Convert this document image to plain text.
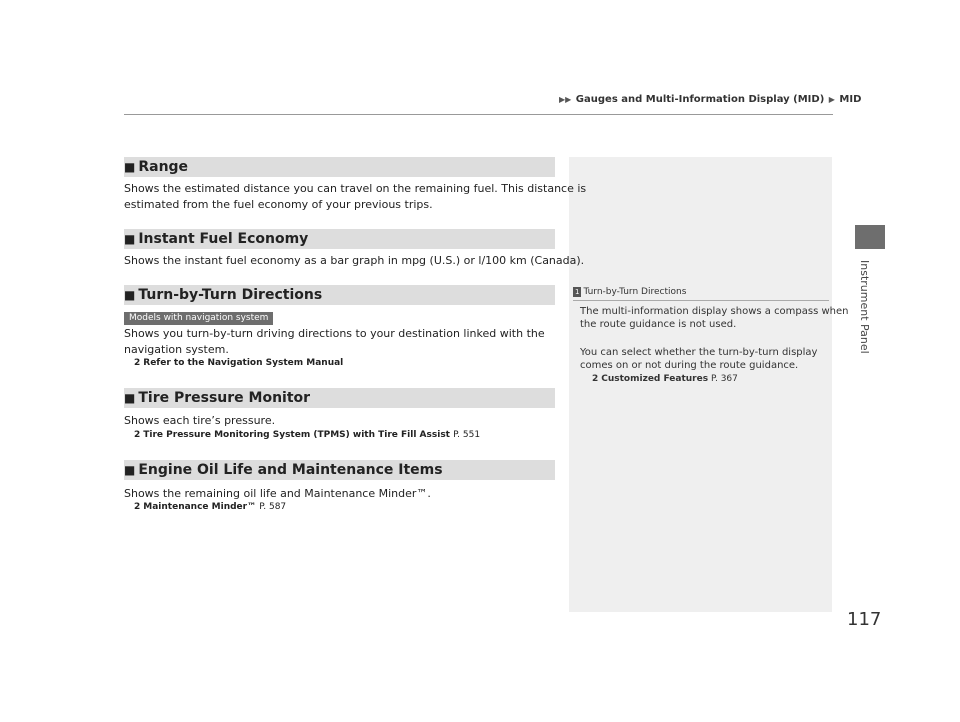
▶▶ Gauges and Multi-Information Display (MID) ▶ MID
Instrument Panel
1 Turn-by-Turn Directions
The multi-information display shows a compass when
the route guidance is not used.
You can select whether the turn-by-turn display
comes on or not during the route guidance.
2 Customized Features P. 367
■ Range
Shows the estimated distance you can travel on the remaining fuel. This distance is
estimated from the fuel economy of your previous trips.
■ Instant Fuel Economy
Shows the instant fuel economy as a bar graph in mpg (U.S.) or l/100 km (Canada).
■ Turn-by-Turn Directions
Models with navigation system
Shows you turn-by-turn driving directions to your destination linked with the
navigation system.
2 Refer to the Navigation System Manual
■ Tire Pressure Monitor
Shows each tire’s pressure.
2 Tire Pressure Monitoring System (TPMS) with Tire Fill Assist P. 551
■ Engine Oil Life and Maintenance Items
Shows the remaining oil life and Maintenance Minder™.
2 Maintenance Minder™ P. 587
117
